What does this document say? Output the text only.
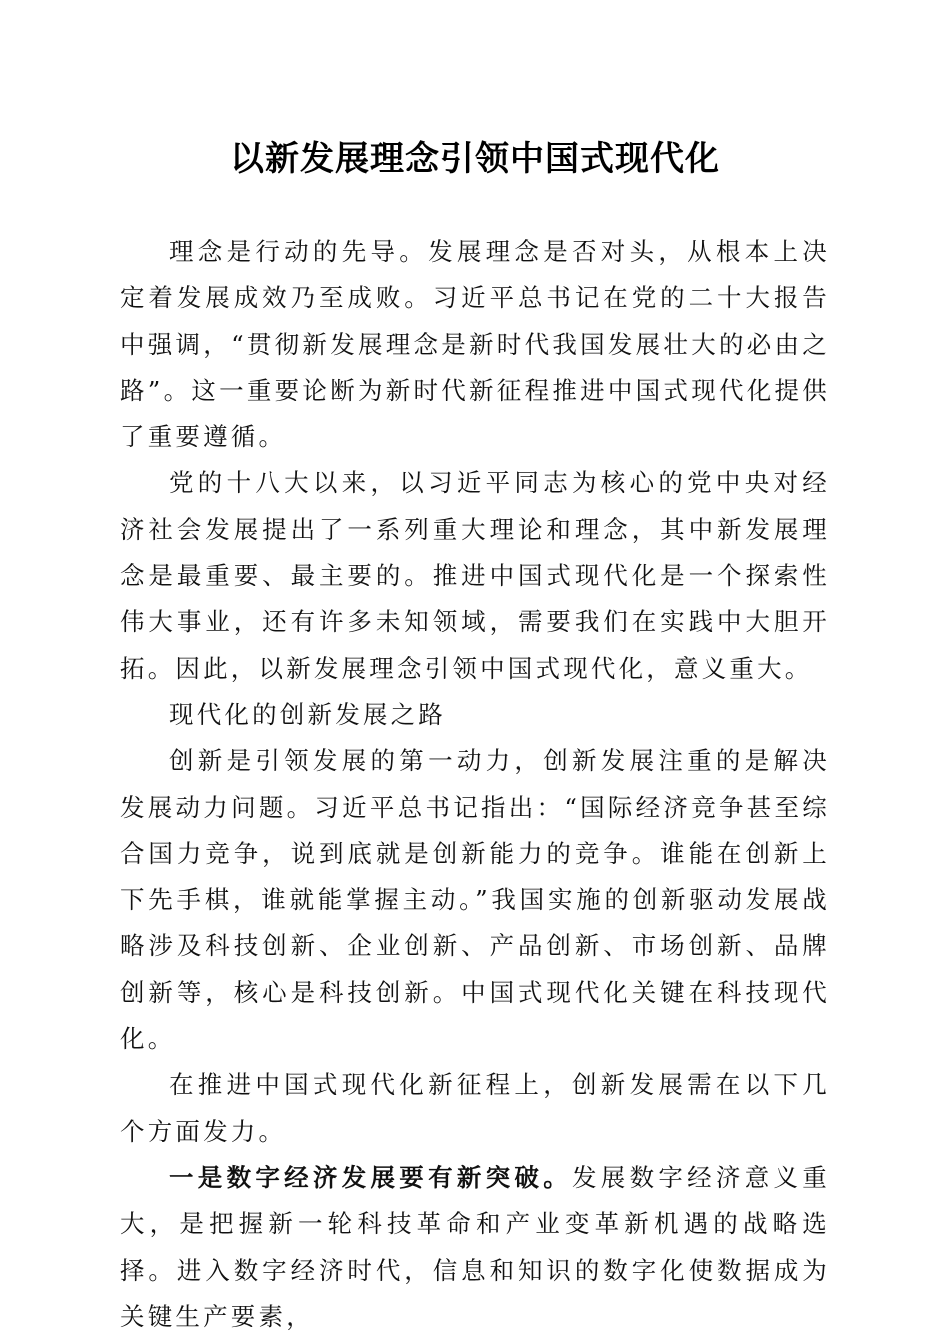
以新发展理念引领中国式现代化

理念是行动的先导。发展理念是否对头，从根本上决定着发展成效乃至成败。习近平总书记在党的二十大报告中强调，“贯彻新发展理念是新时代我国发展壮大的必由之路”。这一重要论断为新时代新征程推进中国式现代化提供了重要遵循。

党的十八大以来，以习近平同志为核心的党中央对经济社会发展提出了一系列重大理论和理念，其中新发展理念是最重要、最主要的。推进中国式现代化是一个探索性伟大事业，还有许多未知领域，需要我们在实践中大胆开拓。因此，以新发展理念引领中国式现代化，意义重大。

现代化的创新发展之路

创新是引领发展的第一动力，创新发展注重的是解决发展动力问题。习近平总书记指出：“国际经济竞争甚至综合国力竞争，说到底就是创新能力的竞争。谁能在创新上下先手棋，谁就能掌握主动。”我国实施的创新驱动发展战略涉及科技创新、企业创新、产品创新、市场创新、品牌创新等，核心是科技创新。中国式现代化关键在科技现代化。

在推进中国式现代化新征程上，创新发展需在以下几个方面发力。

一是数字经济发展要有新突破。发展数字经济意义重大，是把握新一轮科技革命和产业变革新机遇的战略选择。进入数字经济时代，信息和知识的数字化使数据成为关键生产要素，
